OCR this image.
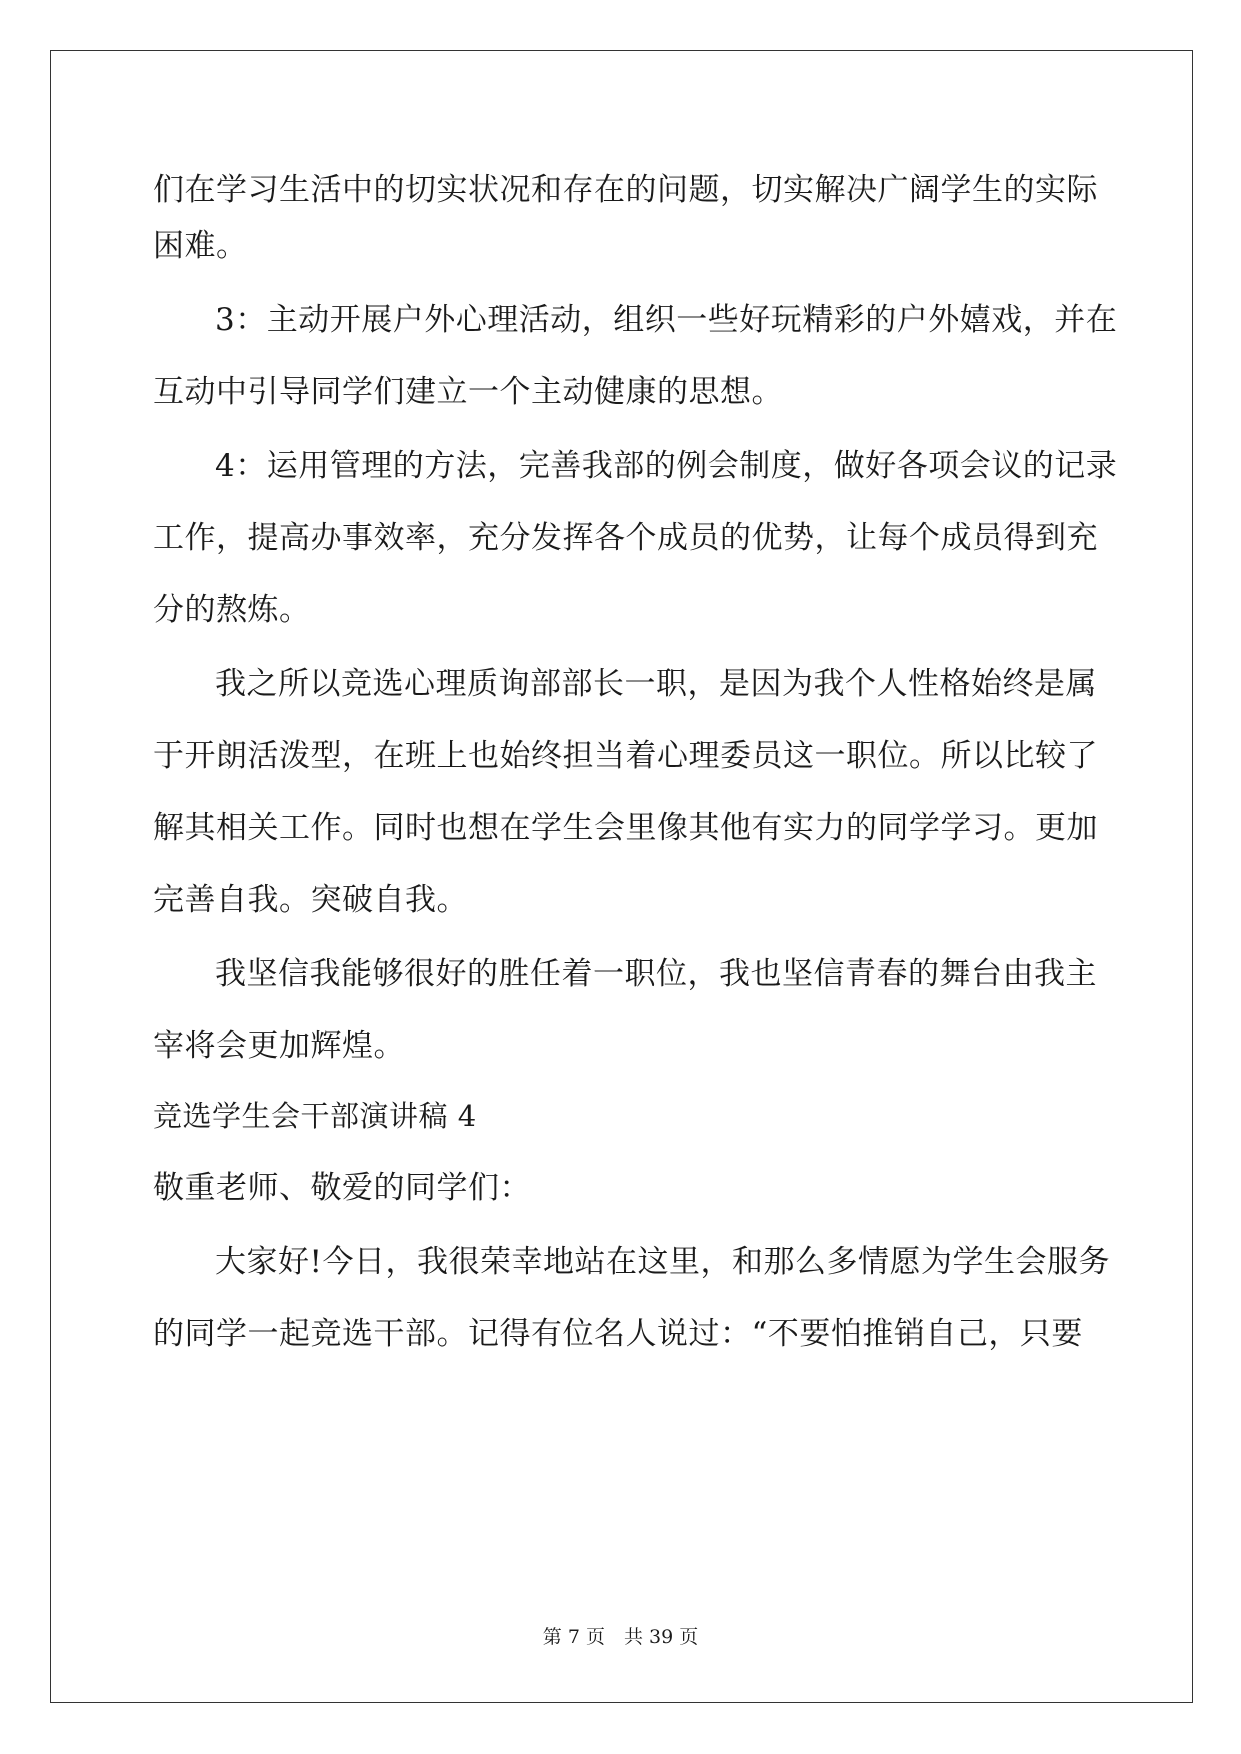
们在学习生活中的切实状况和存在的问题，切实解决广阔学生的实际
困难。
3：主动开展户外心理活动，组织一些好玩精彩的户外嬉戏，并在
互动中引导同学们建立一个主动健康的思想。
4：运用管理的方法，完善我部的例会制度，做好各项会议的记录
工作，提高办事效率，充分发挥各个成员的优势，让每个成员得到充
分的熬炼。
我之所以竞选心理质询部部长一职，是因为我个人性格始终是属
于开朗活泼型，在班上也始终担当着心理委员这一职位。所以比较了
解其相关工作。同时也想在学生会里像其他有实力的同学学习。更加
完善自我。突破自我。
我坚信我能够很好的胜任着一职位，我也坚信青春的舞台由我主
宰将会更加辉煌。
竞选学生会干部演讲稿 4
敬重老师、敬爱的同学们：
大家好!今日，我很荣幸地站在这里，和那么多情愿为学生会服务
的同学一起竞选干部。记得有位名人说过：“不要怕推销自己，只要
第 7 页　共 39 页
